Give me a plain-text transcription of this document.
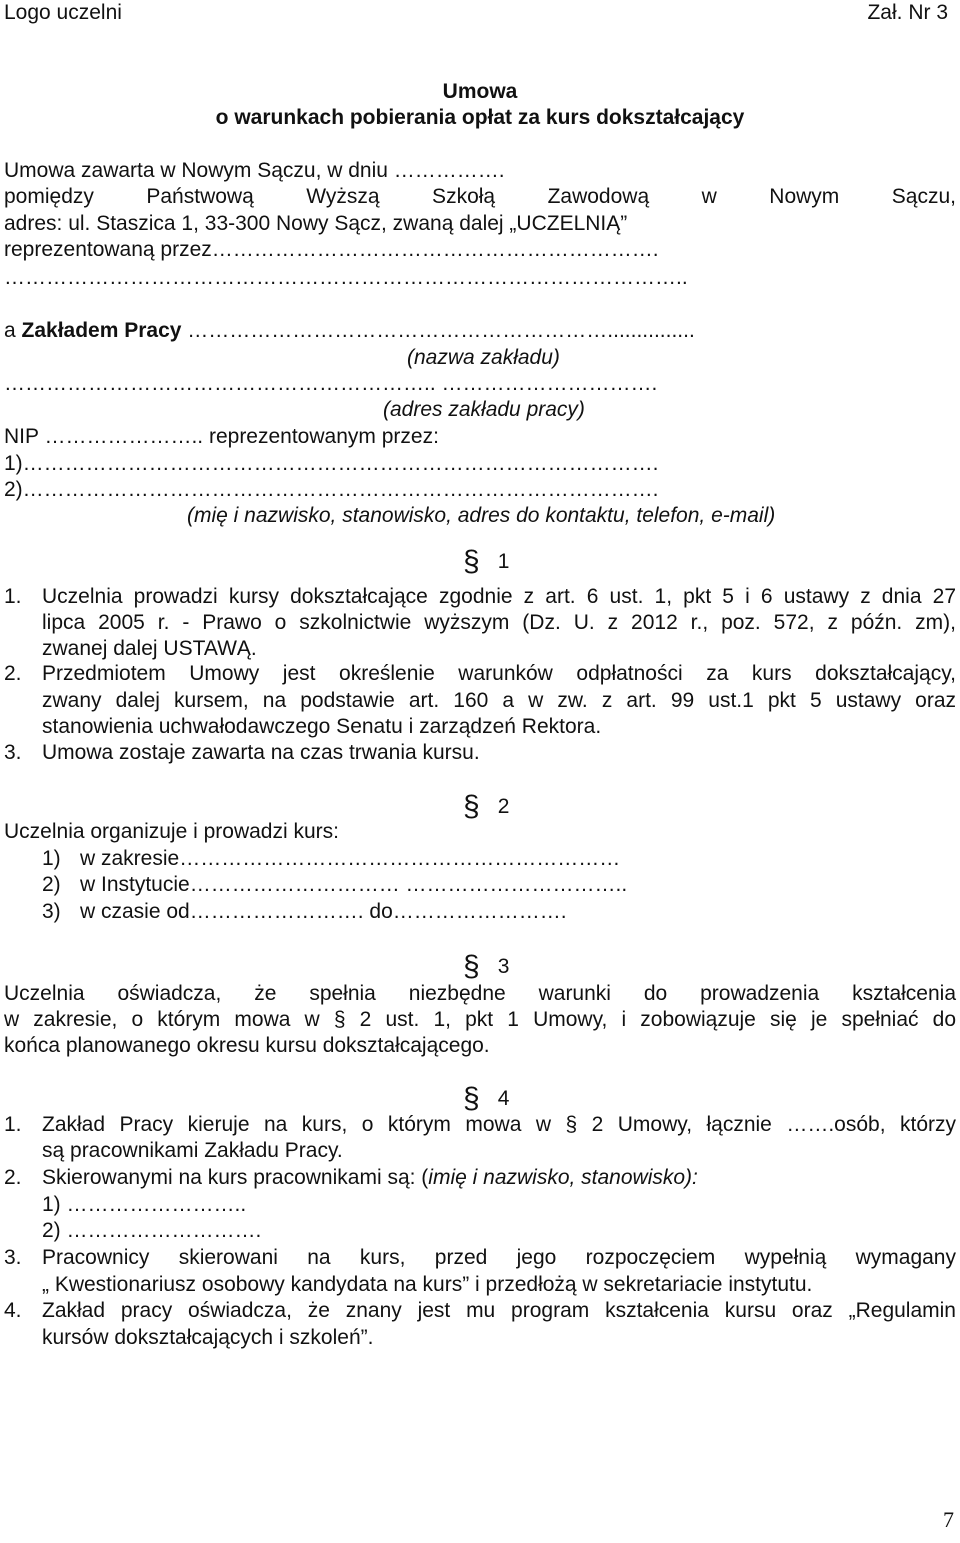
Logo uczelni	Zał. Nr 3
Umowa
o warunkach pobierania opłat za kurs dokształcający
Umowa zawarta w Nowym Sączu, w dniu …………….
pomiędzy Państwową Wyższą Szkołą Zawodową w Nowym Sączu,
adres: ul. Staszica 1, 33-300 Nowy Sącz, zwaną dalej „UCZELNIĄ”
reprezentowaną przez……………………………………………………….
……………………………………………………………………………………..
a Zakładem Pracy ……………………………………………………...............
(nazwa zakładu)
…………………………………………………….. ………………………….
(adres zakładu pracy)
NIP ………………….. reprezentowanym przez:
1)……………………………………………………………………………….
2)……………………………………………………………………………….
(mię i nazwisko, stanowisko, adres do kontaktu, telefon, e-mail)
§ 1
1. Uczelnia prowadzi kursy dokształcające zgodnie z art. 6 ust. 1, pkt 5 i 6 ustawy z dnia 27
lipca 2005 r. - Prawo o szkolnictwie wyższym (Dz. U. z 2012 r., poz. 572, z późn. zm),
zwanej dalej USTAWĄ.
2. Przedmiotem Umowy jest określenie warunków odpłatności za kurs dokształcający,
zwany dalej kursem, na podstawie art. 160 a w zw. z art. 99 ust.1 pkt 5 ustawy oraz
stanowienia uchwałodawczego Senatu i zarządzeń Rektora.
3. Umowa zostaje zawarta na czas trwania kursu.
§ 2
Uczelnia organizuje i prowadzi kurs:
1) w zakresie………………………………………………………
2) w Instytucie………………………… …………………………..
3) w czasie od……………………. do…………………….
§ 3
Uczelnia oświadcza, że spełnia niezbędne warunki do prowadzenia kształcenia
w zakresie, o którym mowa w § 2 ust. 1, pkt 1 Umowy, i zobowiązuje się je spełniać do
końca planowanego okresu kursu dokształcającego.
§ 4
1. Zakład Pracy kieruje na kurs, o którym mowa w § 2 Umowy, łącznie …….osób, którzy
są pracownikami Zakładu Pracy.
2. Skierowanymi na kurs pracownikami są: (imię i nazwisko, stanowisko):
1) ……………………..
2) ……………………….
3. Pracownicy skierowani na kurs, przed jego rozpoczęciem wypełnią wymagany
„ Kwestionariusz osobowy kandydata na kurs” i przedłożą w sekretariacie instytutu.
4. Zakład pracy oświadcza, że znany jest mu program kształcenia kursu oraz „Regulamin
kursów dokształcających i szkoleń”.
7
